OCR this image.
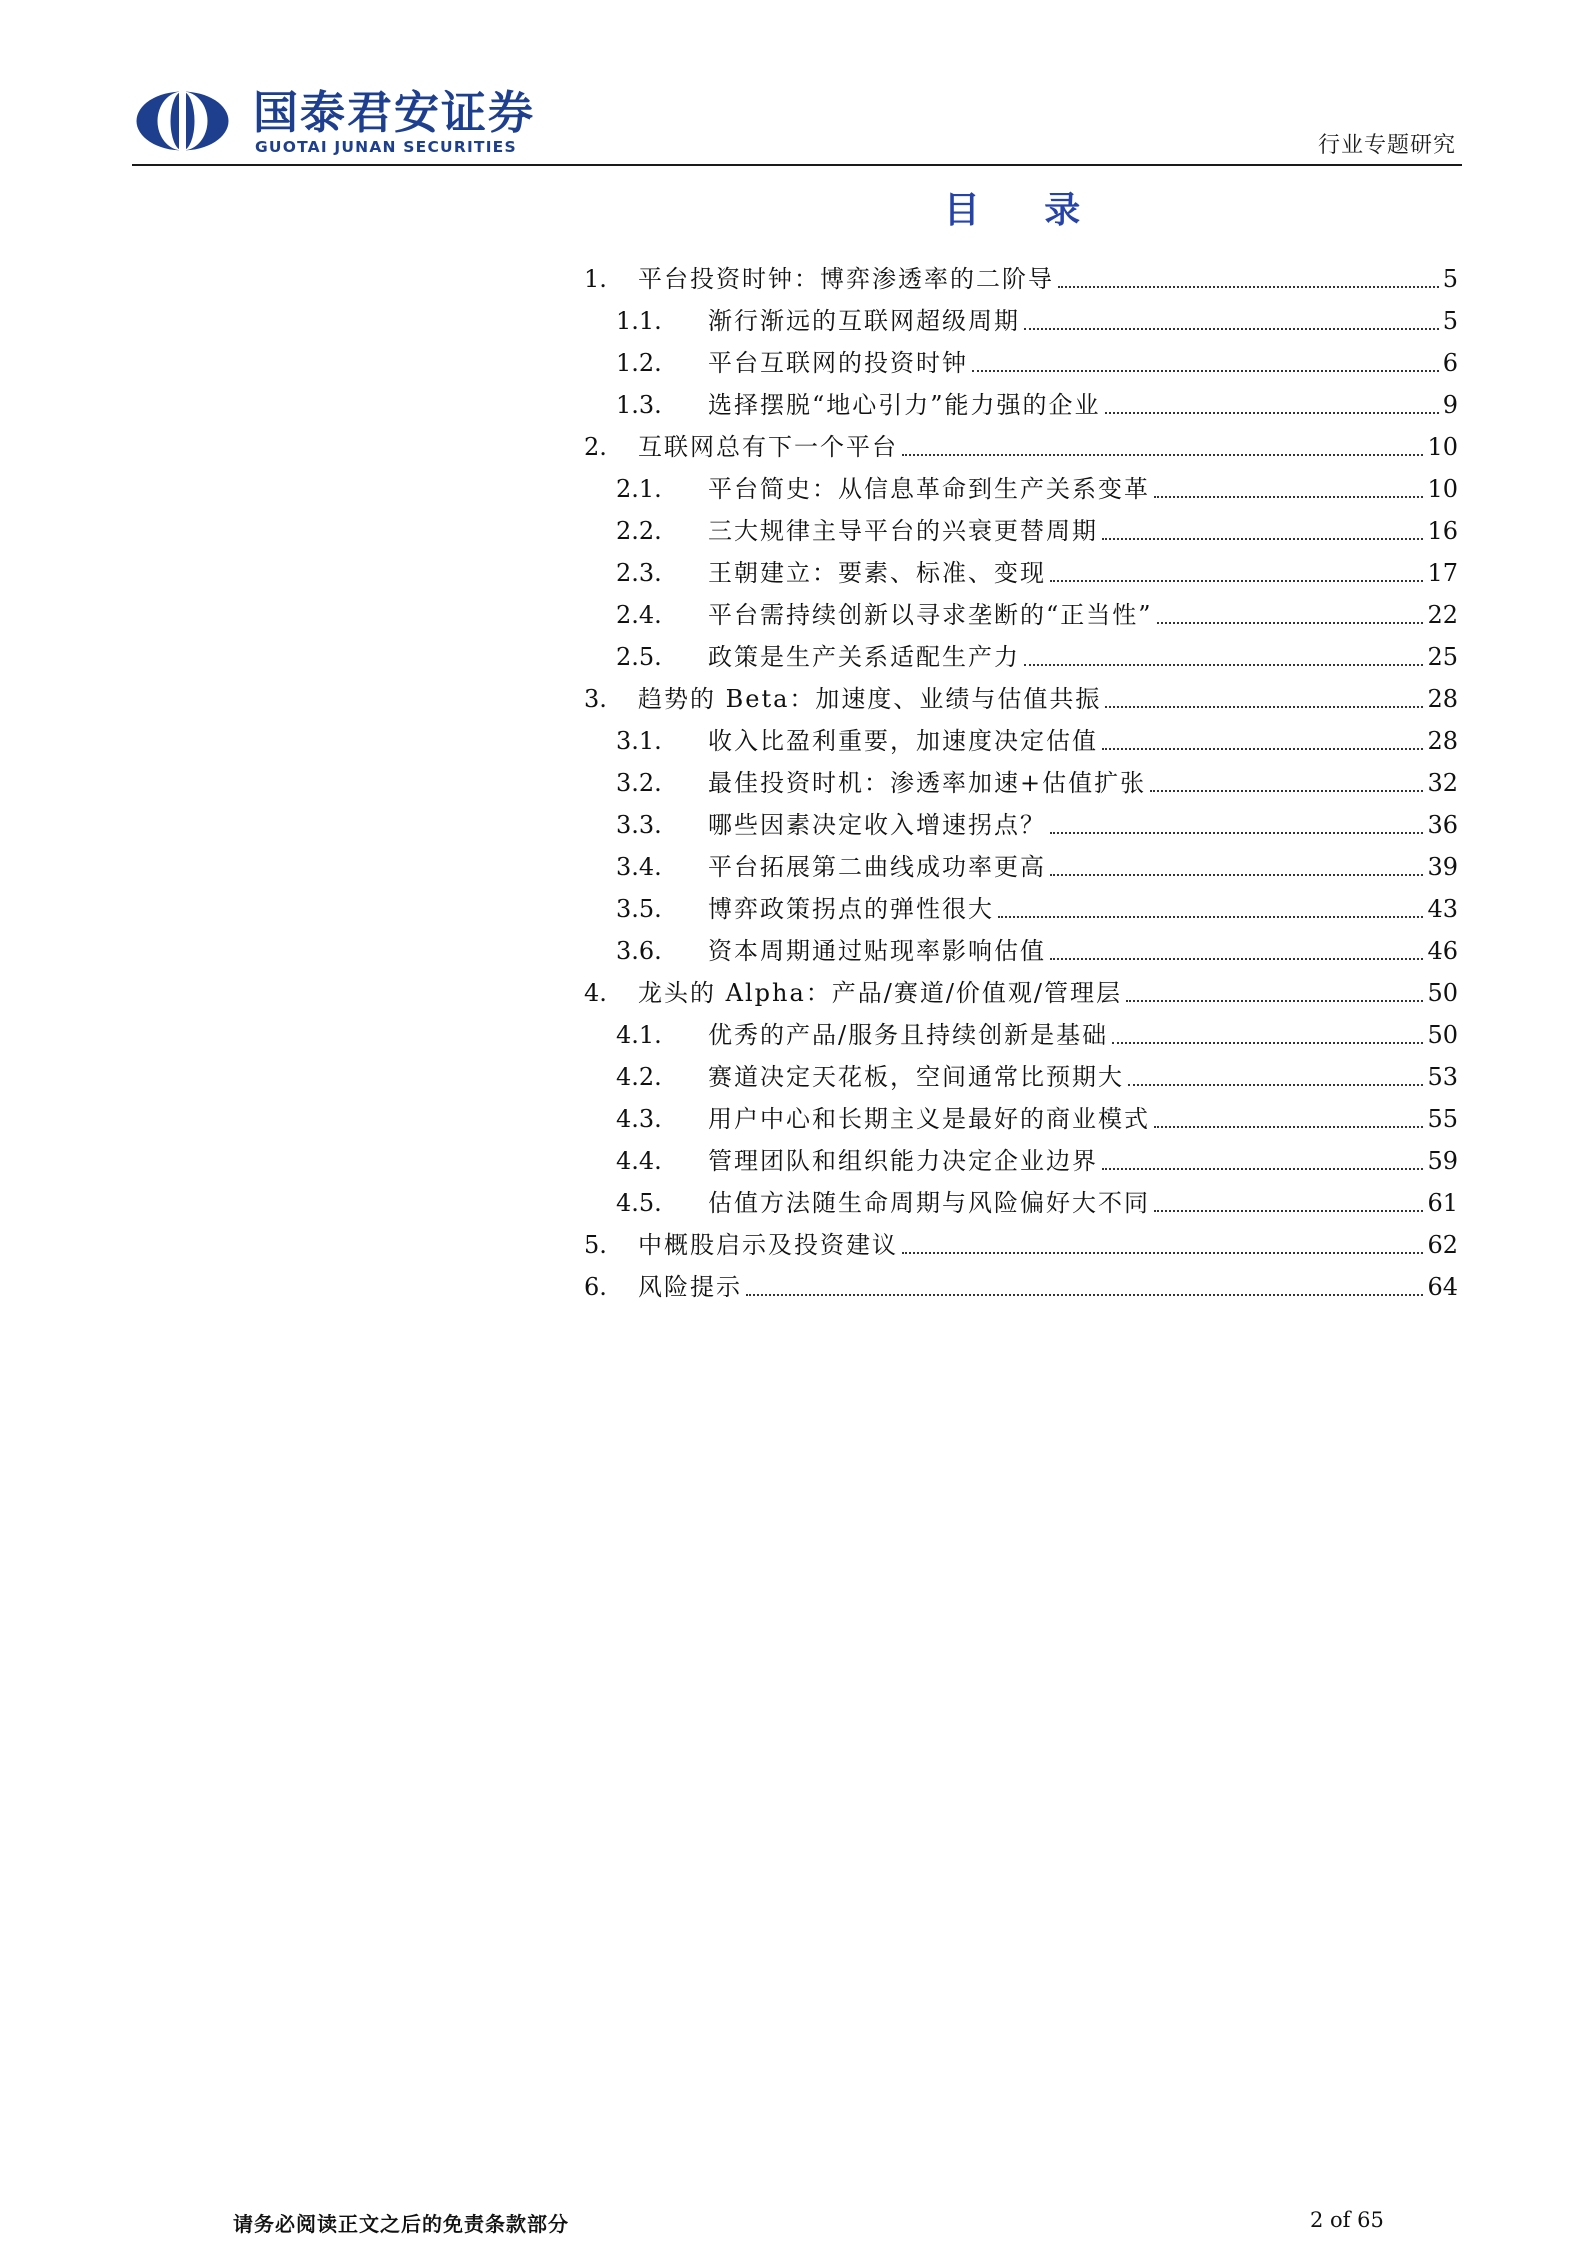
国泰君安证券
GUOTAI JUNAN SECURITIES	行业专题研究
目 录
1.	平台投资时钟：博弈渗透率的二阶导	5
1.1.	渐行渐远的互联网超级周期	5
1.2.	平台互联网的投资时钟	6
1.3.	选择摆脱“地心引力”能力强的企业	9
2.	互联网总有下一个平台	10
2.1.	平台简史：从信息革命到生产关系变革	10
2.2.	三大规律主导平台的兴衰更替周期	16
2.3.	王朝建立：要素、标准、变现	17
2.4.	平台需持续创新以寻求垄断的“正当性”	22
2.5.	政策是生产关系适配生产力	25
3.	趋势的 Beta：加速度、业绩与估值共振	28
3.1.	收入比盈利重要，加速度决定估值	28
3.2.	最佳投资时机：渗透率加速+估值扩张	32
3.3.	哪些因素决定收入增速拐点？	36
3.4.	平台拓展第二曲线成功率更高	39
3.5.	博弈政策拐点的弹性很大	43
3.6.	资本周期通过贴现率影响估值	46
4.	龙头的 Alpha：产品/赛道/价值观/管理层	50
4.1.	优秀的产品/服务且持续创新是基础	50
4.2.	赛道决定天花板，空间通常比预期大	53
4.3.	用户中心和长期主义是最好的商业模式	55
4.4.	管理团队和组织能力决定企业边界	59
4.5.	估值方法随生命周期与风险偏好大不同	61
5.	中概股启示及投资建议	62
6.	风险提示	64
请务必阅读正文之后的免责条款部分	2 of 65
